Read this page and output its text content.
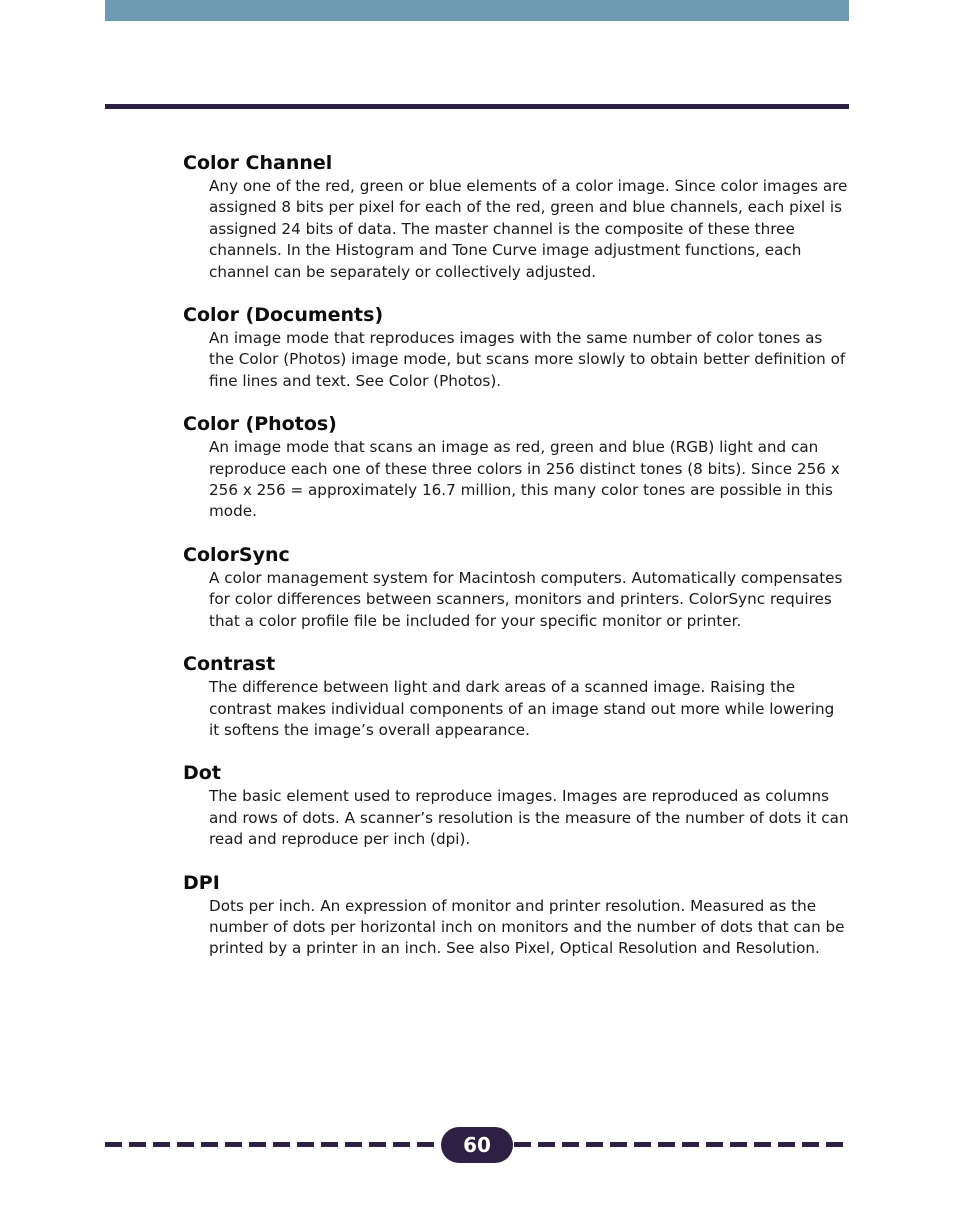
Color Channel

Any one of the red, green or blue elements of a color image. Since color images are assigned 8 bits per pixel for each of the red, green and blue channels, each pixel is assigned 24 bits of data. The master channel is the composite of these three channels. In the Histogram and Tone Curve image adjustment functions, each channel can be separately or collectively adjusted.

Color (Documents)

An image mode that reproduces images with the same number of color tones as the Color (Photos) image mode, but scans more slowly to obtain better definition of fine lines and text. See Color (Photos).

Color (Photos)

An image mode that scans an image as red, green and blue (RGB) light and can reproduce each one of these three colors in 256 distinct tones (8 bits). Since 256 x 256 x 256 = approximately 16.7 million, this many color tones are possible in this mode.

ColorSync

A color management system for Macintosh computers. Automatically compensates for color differences between scanners, monitors and printers. ColorSync requires that a color profile file be included for your specific monitor or printer.

Contrast

The difference between light and dark areas of a scanned image. Raising the contrast makes individual components of an image stand out more while lowering it softens the image’s overall appearance.

Dot

The basic element used to reproduce images. Images are reproduced as columns and rows of dots. A scanner’s resolution is the measure of the number of dots it can read and reproduce per inch (dpi).

DPI

Dots per inch. An expression of monitor and printer resolution. Measured as the number of dots per horizontal inch on monitors and the number of dots that can be printed by a printer in an inch. See also Pixel, Optical Resolution and Resolution.

60
